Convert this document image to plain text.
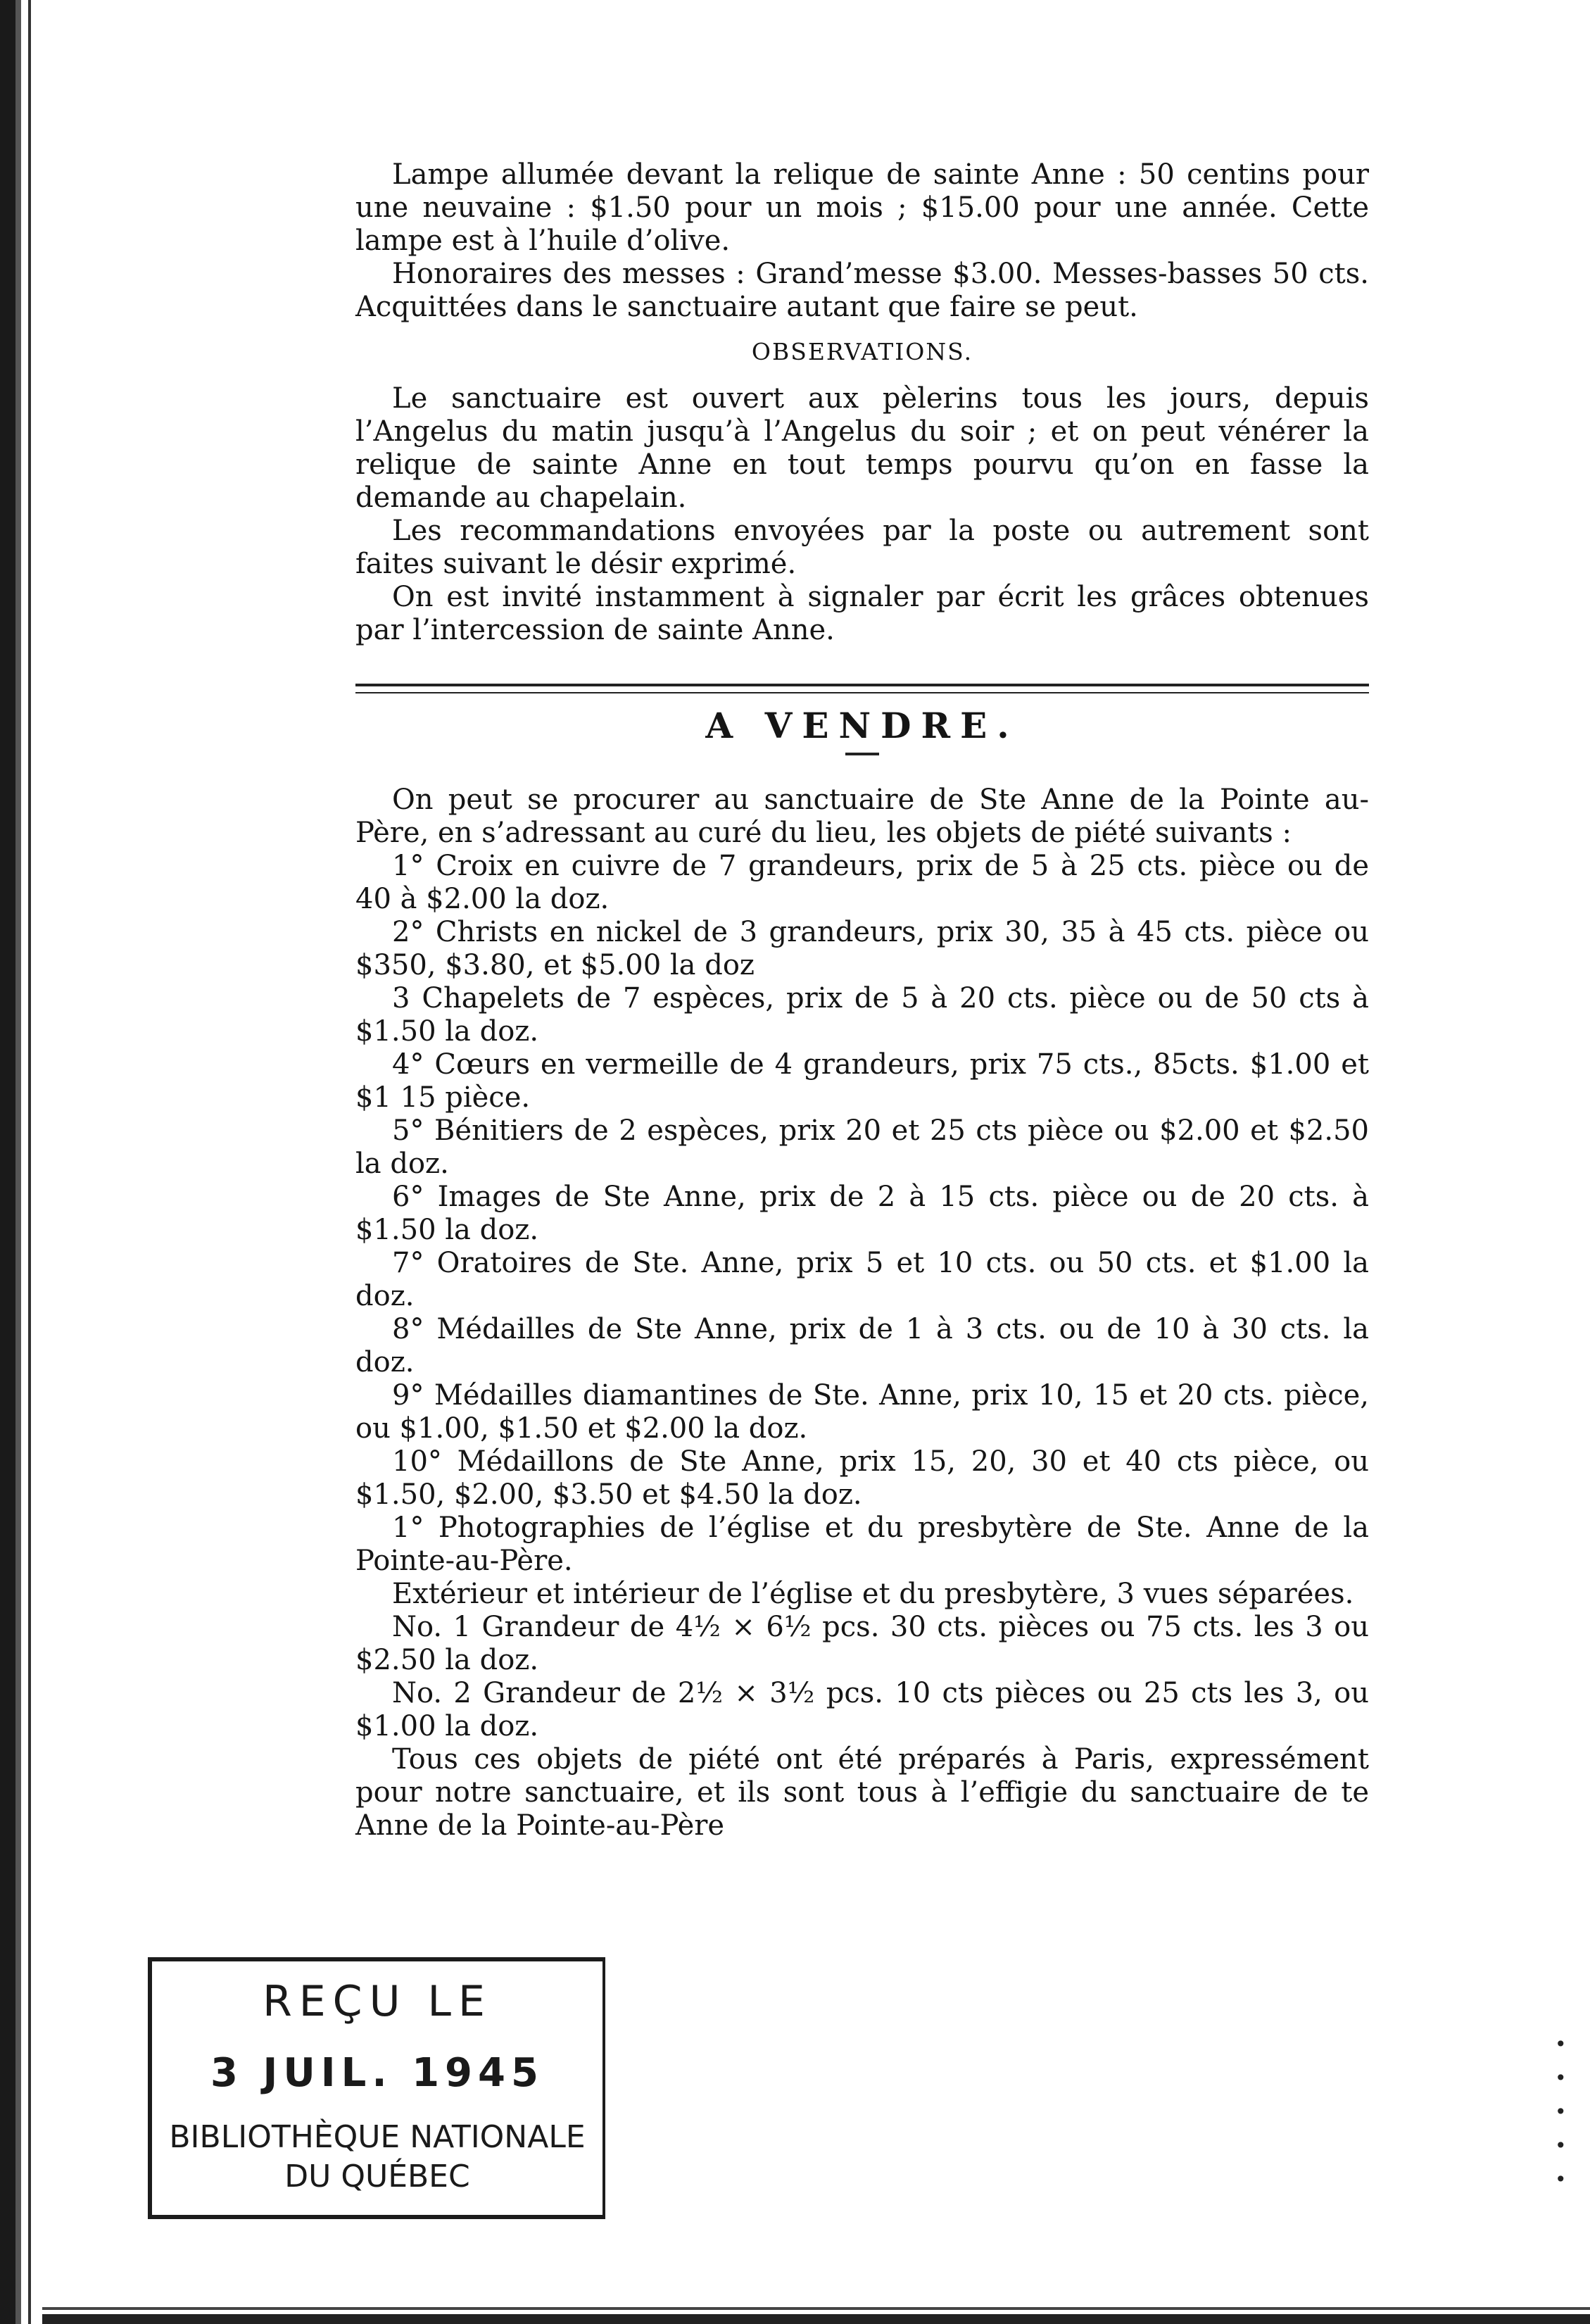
•
•
•
•
•

Lampe allumée devant la relique de sainte Anne : 50 centins pour une neuvaine : $1.50 pour un mois ; $15.00 pour une année. Cette lampe est à l’huile d’olive.

Honoraires des messes : Grand’messe $3.00. Messes-basses 50 cts. Acquittées dans le sanctuaire autant que faire se peut.

OBSERVATIONS.

Le sanctuaire est ouvert aux pèlerins tous les jours, depuis l’Angelus du matin jusqu’à l’Angelus du soir ; et on peut vénérer la relique de sainte Anne en tout temps pourvu qu’on en fasse la demande au chapelain.

Les recommandations envoyées par la poste ou autrement sont faites suivant le désir exprimé.

On est invité instamment à signaler par écrit les grâces obtenues par l’intercession de sainte Anne.

A VENDRE.

On peut se procurer au sanctuaire de Ste Anne de la Pointe au-Père, en s’adressant au curé du lieu, les objets de piété suivants :

1° Croix en cuivre de 7 grandeurs, prix de 5 à 25 cts. pièce ou de 40 à $2.00 la doz.

2° Christs en nickel de 3 grandeurs, prix 30, 35 à 45 cts. pièce ou $350, $3.80, et $5.00 la doz

3 Chapelets de 7 espèces, prix de 5 à 20 cts. pièce ou de 50 cts à $1.50 la doz.

4° Cœurs en vermeille de 4 grandeurs, prix 75 cts., 85cts. $1.00 et $1 15 pièce.

5° Bénitiers de 2 espèces, prix 20 et 25 cts pièce ou $2.00 et $2.50 la doz.

6° Images de Ste Anne, prix de 2 à 15 cts. pièce ou de 20 cts. à $1.50 la doz.

7° Oratoires de Ste. Anne, prix 5 et 10 cts. ou 50 cts. et $1.00 la doz.

8° Médailles de Ste Anne, prix de 1 à 3 cts. ou de 10 à 30 cts. la doz.

9° Médailles diamantines de Ste. Anne, prix 10, 15 et 20 cts. pièce, ou $1.00, $1.50 et $2.00 la doz.

10° Médaillons de Ste Anne, prix 15, 20, 30 et 40 cts pièce, ou $1.50, $2.00, $3.50 et $4.50 la doz.

1° Photographies de l’église et du presbytère de Ste. Anne de la Pointe-au-Père.

Extérieur et intérieur de l’église et du presbytère, 3 vues séparées.

No. 1 Grandeur de 4½ × 6½ pcs. 30 cts. pièces ou 75 cts. les 3 ou $2.50 la doz.

No. 2 Grandeur de 2½ × 3½ pcs. 10 cts pièces ou 25 cts les 3, ou $1.00 la doz.

Tous ces objets de piété ont été préparés à Paris, expressément pour notre sanctuaire, et ils sont tous à l’effigie du sanctuaire de te Anne de la Pointe-au-Père

REÇU LE
3 JUIL. 1945
BIBLIOTHÈQUE NATIONALE
DU QUÉBEC
